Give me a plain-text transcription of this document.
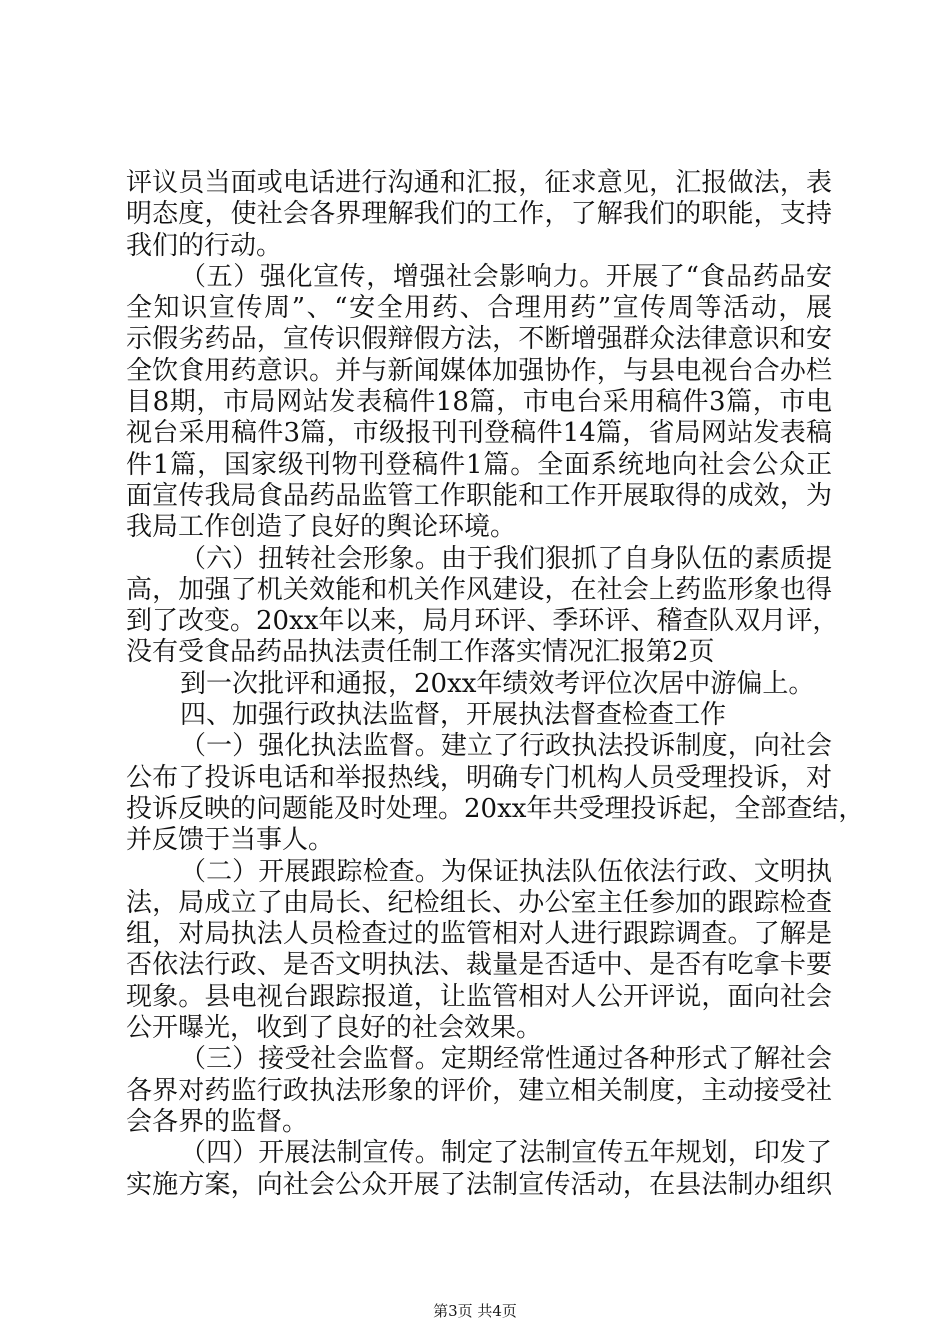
评议员当面或电话进行沟通和汇报，征求意见，汇报做法，表
明态度，使社会各界理解我们的工作，了解我们的职能，支持
我们的行动。
（五）强化宣传，增强社会影响力。开展了“食品药品安
全知识宣传周”、“安全用药、合理用药”宣传周等活动，展
示假劣药品，宣传识假辩假方法，不断增强群众法律意识和安
全饮食用药意识。并与新闻媒体加强协作，与县电视台合办栏
目8期，市局网站发表稿件18篇，市电台采用稿件3篇，市电
视台采用稿件3篇，市级报刊刊登稿件14篇，省局网站发表稿
件1篇，国家级刊物刊登稿件1篇。全面系统地向社会公众正
面宣传我局食品药品监管工作职能和工作开展取得的成效，为
我局工作创造了良好的舆论环境。
（六）扭转社会形象。由于我们狠抓了自身队伍的素质提
高，加强了机关效能和机关作风建设，在社会上药监形象也得
到了改变。20xx年以来，局月环评、季环评、稽查队双月评，
没有受食品药品执法责任制工作落实情况汇报第2页
到一次批评和通报，20xx年绩效考评位次居中游偏上。
四、加强行政执法监督，开展执法督查检查工作
（一）强化执法监督。建立了行政执法投诉制度，向社会
公布了投诉电话和举报热线，明确专门机构人员受理投诉，对
投诉反映的问题能及时处理。20xx年共受理投诉起，全部查结，
并反馈于当事人。
（二）开展跟踪检查。为保证执法队伍依法行政、文明执
法，局成立了由局长、纪检组长、办公室主任参加的跟踪检查
组，对局执法人员检查过的监管相对人进行跟踪调查。了解是
否依法行政、是否文明执法、裁量是否适中、是否有吃拿卡要
现象。县电视台跟踪报道，让监管相对人公开评说，面向社会
公开曝光，收到了良好的社会效果。
（三）接受社会监督。定期经常性通过各种形式了解社会
各界对药监行政执法形象的评价，建立相关制度，主动接受社
会各界的监督。
（四）开展法制宣传。制定了法制宣传五年规划，印发了
实施方案，向社会公众开展了法制宣传活动，在县法制办组织
第3页 共4页
